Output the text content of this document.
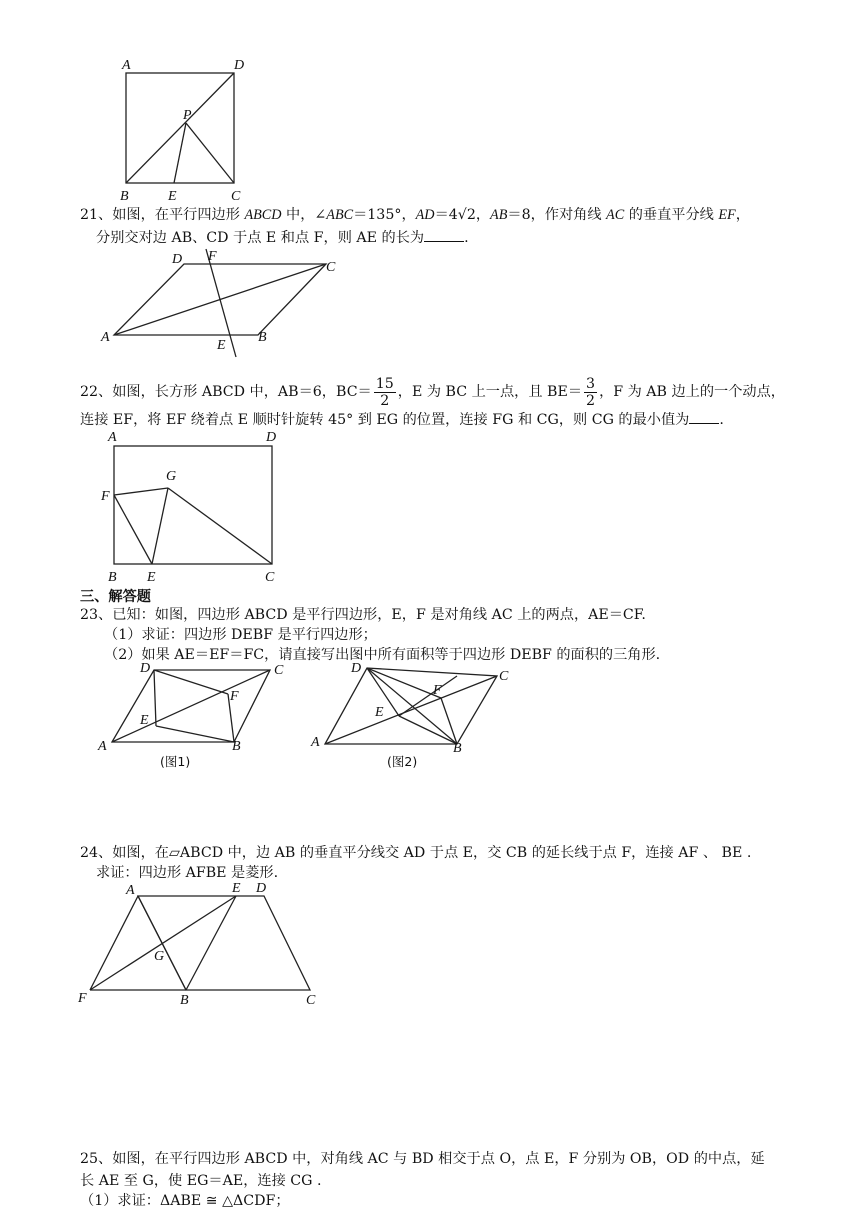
A	D
P
B	E	C
21、如图，在平行四边形 ABCD 中，∠ABC＝135°，AD＝4√2，AB＝8，作对角线 AC 的垂直平分线 EF，
分别交对边 AB、CD 于点 E 和点 F，则 AE 的长为	.
D F
C
A	B
E
22、如图，长方形 ABCD 中，AB＝6，$BC= \frac{15}{2}$ ，E 为 BC 上一点，且 $BE= \frac{3}{2}$ ，F 为 AB 边上的一个动点，
连接 EF，将 EF 绕着点 E 顺时针旋转 45° 到 EG 的位置，连接 FG 和 CG，则 CG 的最小值为 .
A	D
G
F
B E	C
三、解答题
23、已知：如图，四边形 ABCD 是平行四边形，E，F 是对角线 AC 上的两点，AE＝CF.
（1）求证：四边形 DEBF 是平行四边形；
（2）如果 AE＝EF＝FC，请直接写出图中所有面积等于四边形 DEBF 的面积的三角形.
D	C
F
E
A	B
(图1)
D
C
F
E
A	B
(图2)
24、如图，在▱ABCD 中，边 AB 的垂直平分线交 AD 于点 E，交 CB 的延长线于点 F，连接 AF 、 BE .
求证：四边形 AFBE 是菱形.
A	E D
G
F	B	C
25、如图，在平行四边形 ABCD 中，对角线 AC 与 BD 相交于点 O，点 E，F 分别为 OB，OD 的中点，延
长 AE 至 G，使 EG＝AE，连接 CG .
（1）求证：ΔABE ≅ △ΔCDF；
